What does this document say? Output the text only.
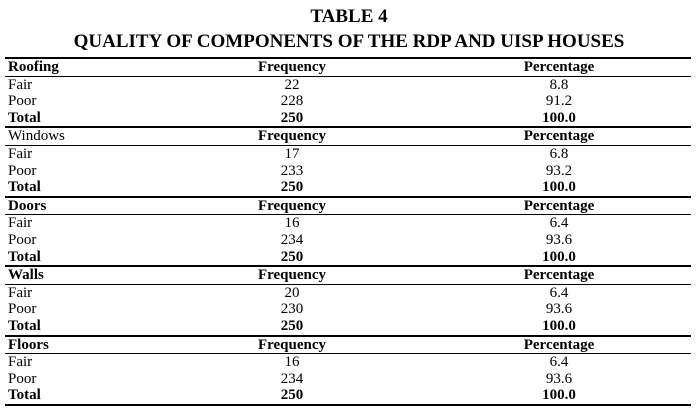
TABLE 4
QUALITY OF COMPONENTS OF THE RDP AND UISP HOUSES
Roofing	Frequency	Percentage
Fair	22	8.8
Poor	228	91.2
Total	250	100.0
Windows	Frequency	Percentage
Fair	17	6.8
Poor	233	93.2
Total	250	100.0
Doors	Frequency	Percentage
Fair	16	6.4
Poor	234	93.6
Total	250	100.0
Walls	Frequency	Percentage
Fair	20	6.4
Poor	230	93.6
Total	250	100.0
Floors	Frequency	Percentage
Fair	16	6.4
Poor	234	93.6
Total	250	100.0
